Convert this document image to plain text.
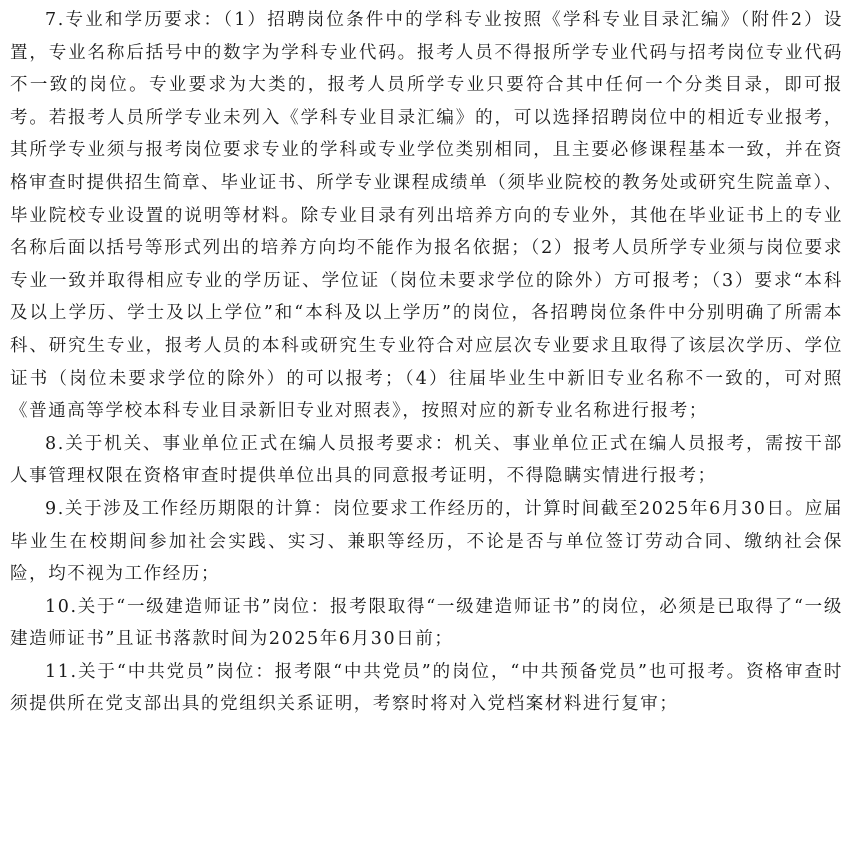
7.专业和学历要求：（1）招聘岗位条件中的学科专业按照《学科专业目录汇编》（附件2）设置，专业名称后括号中的数字为学科专业代码。报考人员不得报所学专业代码与招考岗位专业代码不一致的岗位。专业要求为大类的，报考人员所学专业只要符合其中任何一个分类目录，即可报考。若报考人员所学专业未列入《学科专业目录汇编》的，可以选择招聘岗位中的相近专业报考，其所学专业须与报考岗位要求专业的学科或专业学位类别相同，且主要必修课程基本一致，并在资格审查时提供招生简章、毕业证书、所学专业课程成绩单（须毕业院校的教务处或研究生院盖章）、毕业院校专业设置的说明等材料。除专业目录有列出培养方向的专业外，其他在毕业证书上的专业名称后面以括号等形式列出的培养方向均不能作为报名依据；（2）报考人员所学专业须与岗位要求专业一致并取得相应专业的学历证、学位证（岗位未要求学位的除外）方可报考；（3）要求“本科及以上学历、学士及以上学位”和“本科及以上学历”的岗位，各招聘岗位条件中分别明确了所需本科、研究生专业，报考人员的本科或研究生专业符合对应层次专业要求且取得了该层次学历、学位证书（岗位未要求学位的除外）的可以报考；（4）往届毕业生中新旧专业名称不一致的，可对照《普通高等学校本科专业目录新旧专业对照表》，按照对应的新专业名称进行报考；

8.关于机关、事业单位正式在编人员报考要求：机关、事业单位正式在编人员报考，需按干部人事管理权限在资格审查时提供单位出具的同意报考证明，不得隐瞒实情进行报考；

9.关于涉及工作经历期限的计算：岗位要求工作经历的，计算时间截至2025年6月30日。应届毕业生在校期间参加社会实践、实习、兼职等经历，不论是否与单位签订劳动合同、缴纳社会保险，均不视为工作经历；

10.关于“一级建造师证书”岗位：报考限取得“一级建造师证书”的岗位，必须是已取得了“一级建造师证书”且证书落款时间为2025年6月30日前；

11.关于“中共党员”岗位：报考限“中共党员”的岗位，“中共预备党员”也可报考。资格审查时须提供所在党支部出具的党组织关系证明，考察时将对入党档案材料进行复审；
